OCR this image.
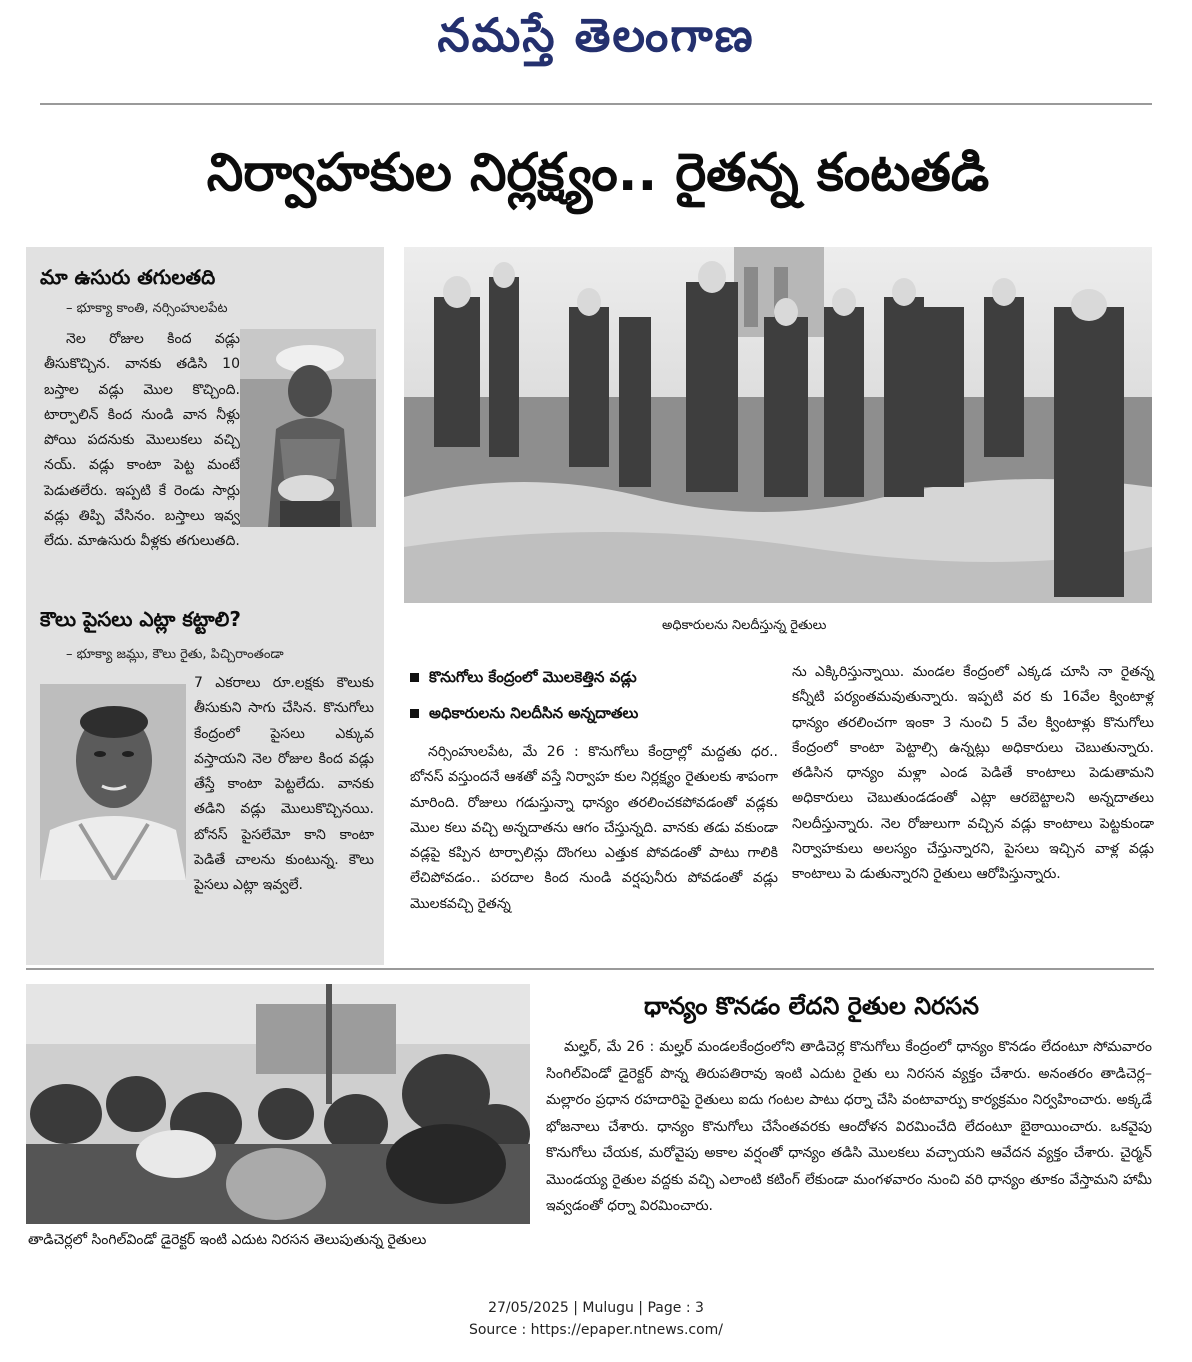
నమస్తే తెలంగాణ
నిర్వాహకుల నిర్లక్ష్యం.. రైతన్న కంటతడి
మా ఉసురు తగులతది
– భూక్యా కాంతి, నర్సింహులపేట
నెల రోజుల కింద వడ్లు తీసుకొచ్చిన. వానకు తడిసి 10 బస్తాల వడ్లు మొల కొచ్చింది. టార్పాలిన్ కింద నుండి వాన నీళ్లు పోయి పదనుకు మొలుకలు వచ్చి నయ్. వడ్లు కాంటా పెట్ట మంటే పెడుతలేరు. ఇప్పటి కే రెండు సార్లు వడ్లు తిప్పి వేసినం. బస్తాలు ఇవ్వ లేదు. మాఉసురు వీళ్లకు తగులుతది.
కౌలు పైసలు ఎట్లా కట్టాలి?
– భూక్యా జమ్లు, కౌలు రైతు, పిచ్చిరాంతండా
7 ఎకరాలు రూ.లక్షకు కౌలుకు తీసుకుని సాగు చేసిన. కొనుగోలు కేంద్రంలో పైసలు ఎక్కువ వస్తాయని నెల రోజుల కింద వడ్లు తేస్తే కాంటా పెట్టలేదు. వానకు తడిని వడ్లు మొలుకొచ్చినయి. బోనస్ పైసలేమో కాని కాంటా పెడితే చాలను కుంటున్న. కౌలు పైసలు ఎట్లా ఇవ్వలే.
అధికారులను నిలదీస్తున్న రైతులు
కొనుగోలు కేంద్రంలో మొలకెత్తిన వడ్లు
అధికారులను నిలదీసిన అన్నదాతలు
నర్సింహులపేట, మే 26 : కొనుగోలు కేంద్రాల్లో మద్దతు ధర.. బోనస్ వస్తుందనే ఆశతో వస్తే నిర్వాహ కుల నిర్లక్ష్యం రైతులకు శాపంగా మారింది. రోజులు గడుస్తున్నా ధాన్యం తరలించకపోవడంతో వడ్లకు మొల కలు వచ్చి అన్నదాతను ఆగం చేస్తున్నది. వానకు తడు వకుండా వడ్లపై కప్పిన టార్పాలిన్లు దొంగలు ఎత్తుక పోవడంతో పాటు గాలికి లేచిపోవడం.. పరదాల కింద నుండి వర్షపునీరు పోవడంతో వడ్లు మొలకవచ్చి రైతన్న
ను ఎక్కిరిస్తున్నాయి. మండల కేంద్రంలో ఎక్కడ చూసి నా రైతన్న కన్నీటి పర్యంతమవుతున్నారు. ఇప్పటి వర కు 16వేల క్వింటాళ్ల ధాన్యం తరలించగా ఇంకా 3 నుంచి 5 వేల క్వింటాళ్లు కొనుగోలు కేంద్రంలో కాంటా పెట్టాల్సి ఉన్నట్లు అధికారులు చెబుతున్నారు. తడిసిన ధాన్యం మళ్లా ఎండ పెడితే కాంటాలు పెడుతామని అధికారులు చెబుతుండడంతో ఎట్లా ఆరబెట్టాలని అన్నదాతలు నిలదీస్తున్నారు. నెల రోజులుగా వచ్చిన వడ్లు కాంటాలు పెట్టకుండా నిర్వాహకులు అలస్యం చేస్తున్నారని, పైసలు ఇచ్చిన వాళ్ల వడ్లు కాంటాలు పె డుతున్నారని రైతులు ఆరోపిస్తున్నారు.
తాడిచెర్లలో సింగిల్‌విండో డైరెక్టర్ ఇంటి ఎదుట నిరసన తెలుపుతున్న రైతులు
ధాన్యం కొనడం లేదని రైతుల నిరసన
మల్హర్, మే 26 : మల్హర్ మండలకేంద్రంలోని తాడిచెర్ల కొనుగోలు కేంద్రంలో ధాన్యం కొనడం లేదంటూ సోమవారం సింగిల్‌విండో డైరెక్టర్ పొన్న తిరుపతిరావు ఇంటి ఎదుట రైతు లు నిరసన వ్యక్తం చేశారు. అనంతరం తాడిచెర్ల–మల్లారం ప్రధాన రహదారిపై రైతులు ఐదు గంటల పాటు ధర్నా చేసి వంటావార్పు కార్యక్రమం నిర్వహించారు. అక్కడే భోజనాలు చేశారు. ధాన్యం కొనుగోలు చేసేంతవరకు ఆందోళన విరమించేది లేదంటూ బైఠాయించారు. ఒకవైపు కొనుగోలు చేయక, మరోవైపు అకాల వర్షంతో ధాన్యం తడిసి మొలకలు వచ్చాయని ఆవేదన వ్యక్తం చేశారు. చైర్మన్ మొండయ్య రైతుల వద్దకు వచ్చి ఎలాంటి కటింగ్ లేకుండా మంగళవారం నుంచి వరి ధాన్యం తూకం వేస్తామని హామీ ఇవ్వడంతో ధర్నా విరమించారు.
27/05/2025 | Mulugu | Page : 3
Source : https://epaper.ntnews.com/
